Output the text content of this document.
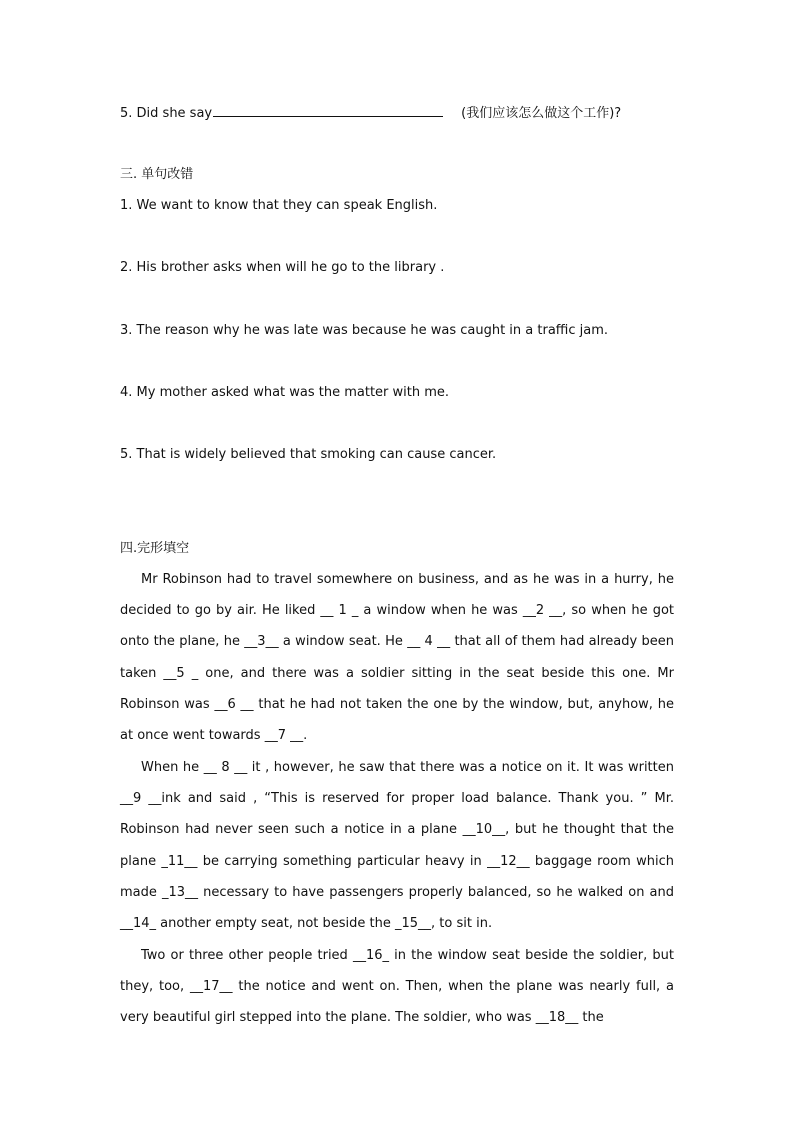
5. Did she say	(我们应该怎么做这个工作)?
三. 单句改错
1. We want to know that they can speak English.
2. His brother asks when will he go to the library .
3. The reason why he was late was because he was caught in a traffic jam.
4. My mother asked what was the matter with me.
5. That is widely believed that smoking can cause cancer.
四.完形填空
Mr Robinson had to travel somewhere on business, and as he was in a hurry, he decided to go by air. He liked __ 1 _ a window when he was __2 __, so when he got onto the plane, he __3__ a window seat. He __ 4 __ that all of them had already been taken __5 _ one, and there was a soldier sitting in the seat beside this one. Mr Robinson was __6 __ that he had not taken the one by the window, but, anyhow, he at once went towards __7 __.
When he __ 8 __ it , however, he saw that there was a notice on it. It was written __9 __ink and said , “This is reserved for proper load balance. Thank you. ” Mr. Robinson had never seen such a notice in a plane __10__, but he thought that the plane _11__ be carrying something particular heavy in __12__ baggage room which made _13__ necessary to have passengers properly balanced, so he walked on and __14_ another empty seat, not beside the _15__, to sit in.
Two or three other people tried __16_ in the window seat beside the soldier, but they, too, __17__ the notice and went on. Then, when the plane was nearly full, a very beautiful girl stepped into the plane. The soldier, who was __18__ the
